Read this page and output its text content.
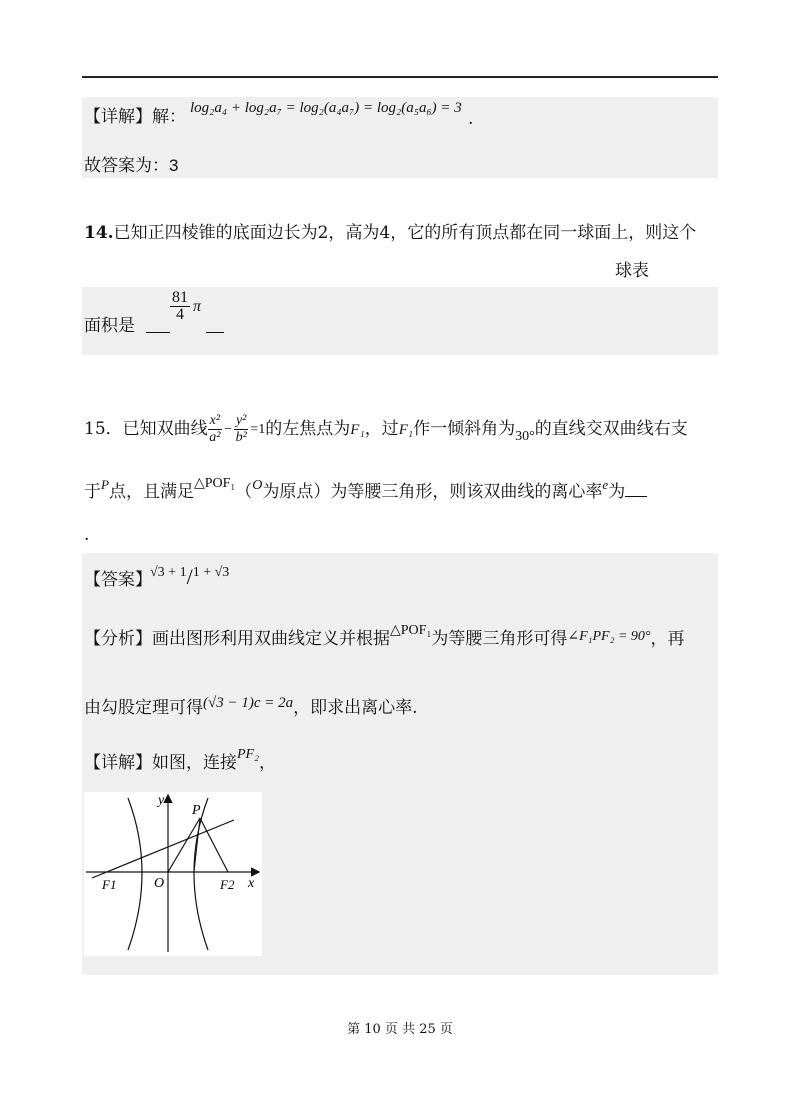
【详解】解： log₂a₄ + log₂a₇ = log₂(a₄a₇) = log₂(a₅a₆) = 3
.
故答案为：3
14.已知正四棱锥的底面边长为2，高为4，它的所有顶点都在同一球面上，则这个
球表
面积是
$\frac{81}{4}$ π
15．已知双曲线 $\frac{\text{x²}}{\text{a²}} - \frac{\text{y²}}{\text{b²}} =1$ 的左焦点为F₁，过F₁作一倾斜角为$_{30^\circ}$的直线交双曲线右支
于$^P$点，且满足$^{\triangle POF_1}$（$^O$为原点）为等腰三角形，则该双曲线的离心率$^e$为
.
【答案】
√3 + 1/1 + √3
【分析】画出图形利用双曲线定义并根据$^{\triangle POF_1}$为等腰三角形可得$^{\angle F_1PF_2 = 90^\circ}$，再
由勾股定理可得(√3 − 1)c = 2a，即求出离心率.
【详解】如图，连接$^{PF_2}$，
y
x
P
O
F1	F2
第 10 页 共 25 页
